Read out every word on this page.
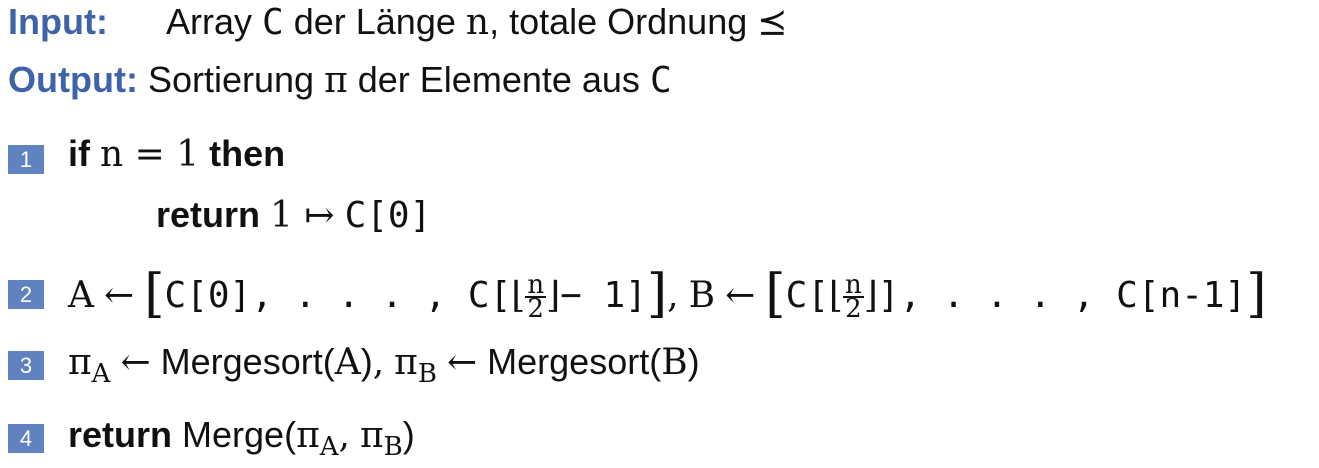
Input: Array C der Länge n, totale Ordnung ⪯
Output: Sortierung π der Elemente aus C
1 if n = 1 then
return 1 ↦ C[0]
2 A ← [C[0], . . . , C[⌊ $\frac{n}{2}$ ⌋− 1]], B ← [C[⌊ $\frac{n}{2}$ ⌋], . . . , C[n-1]]
3 $\pi_A$ ← Mergesort(A), $\pi_B$ ← Mergesort(B)
4 return $Merge(\pi_A$, $\pi_B$)
